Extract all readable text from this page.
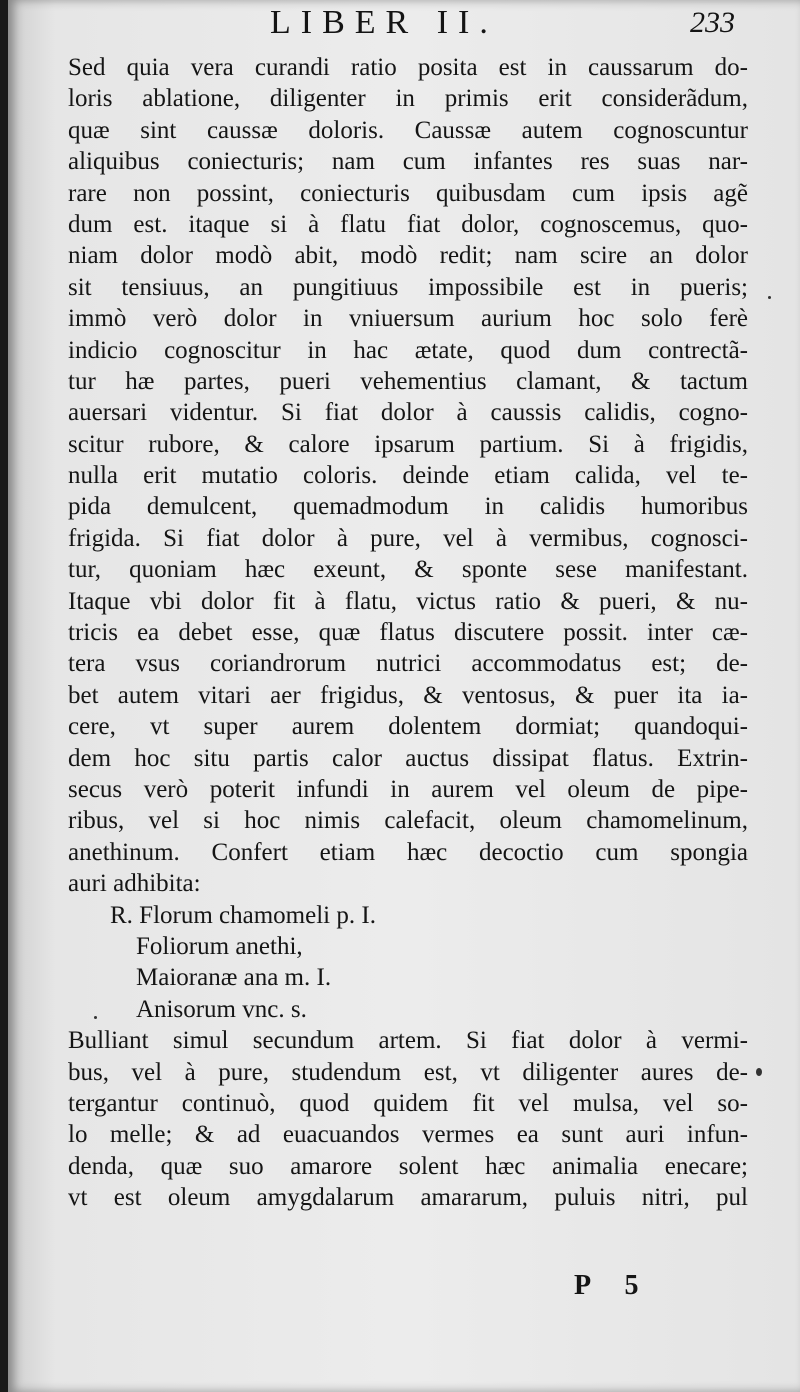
LIBER II.	233
Sed quia vera curandi ratio posita est in caussarum do-
loris ablatione, diligenter in primis erit considerãdum,
quæ sint caussæ doloris. Caussæ autem cognoscuntur
aliquibus coniecturis; nam cum infantes res suas nar-
rare non possint, coniecturis quibusdam cum ipsis agẽ
dum est. itaque si à flatu fiat dolor, cognoscemus, quo-
niam dolor modò abit, modò redit; nam scire an dolor
sit tensiuus, an pungitiuus impossibile est in pueris;
immò verò dolor in vniuersum aurium hoc solo ferè
indicio cognoscitur in hac ætate, quod dum contrectã-
tur hæ partes, pueri vehementius clamant, & tactum
auersari videntur. Si fiat dolor à caussis calidis, cogno-
scitur rubore, & calore ipsarum partium. Si à frigidis,
nulla erit mutatio coloris. deinde etiam calida, vel te-
pida demulcent, quemadmodum in calidis humoribus
frigida. Si fiat dolor à pure, vel à vermibus, cognosci-
tur, quoniam hæc exeunt, & sponte sese manifestant.
Itaque vbi dolor fit à flatu, victus ratio & pueri, & nu-
tricis ea debet esse, quæ flatus discutere possit. inter cæ-
tera vsus coriandrorum nutrici accommodatus est; de-
bet autem vitari aer frigidus, & ventosus, & puer ita ia-
cere, vt super aurem dolentem dormiat; quandoqui-
dem hoc situ partis calor auctus dissipat flatus. Extrin-
secus verò poterit infundi in aurem vel oleum de pipe-
ribus, vel si hoc nimis calefacit, oleum chamomelinum,
anethinum. Confert etiam hæc decoctio cum spongia
auri adhibita:
R. Florum chamomeli p. I.
Foliorum anethi,
Maioranæ ana m. I.
Anisorum vnc. s.
Bulliant simul secundum artem. Si fiat dolor à vermi-
bus, vel à pure, studendum est, vt diligenter aures de-
tergantur continuò, quod quidem fit vel mulsa, vel so-
lo melle; & ad euacuandos vermes ea sunt auri infun-
denda, quæ suo amarore solent hæc animalia enecare;
vt est oleum amygdalarum amararum, puluis nitri, pul
P 5
